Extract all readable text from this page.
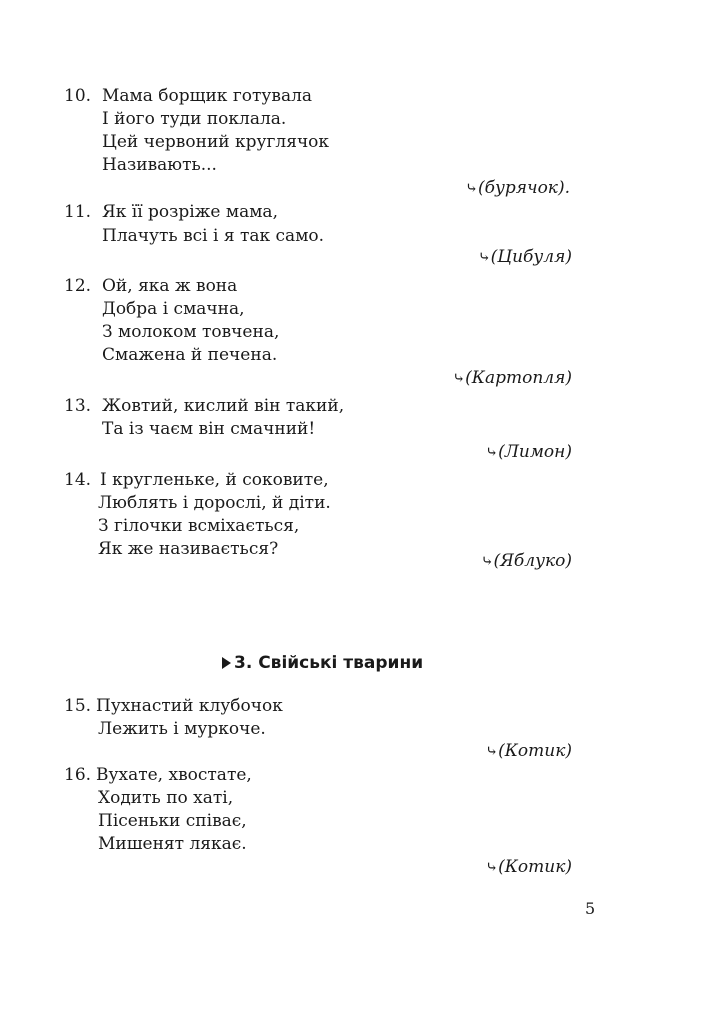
10. Мама борщик готувала
І його туди поклала.
Цей червоний круглячок
Називають...
⤷(бурячок).
11. Як її розріже мама,
Плачуть всі і я так само.
⤷(Цибуля)
12. Ой, яка ж вона
Добра і смачна,
З молоком товчена,
Смажена й печена.
⤷(Картопля)
13. Жовтий, кислий він такий,
Та із чаєм він смачний!
⤷(Лимон)
14. І кругленьке, й соковите,
Люблять і дорослі, й діти.
З гілочки всміхається,
Як же називається?
⤷(Яблуко)
3. Свійські тварини
15. Пухнастий клубочок
Лежить і муркоче.
⤷(Котик)
16. Вухате, хвостате,
Ходить по хаті,
Пісеньки співає,
Мишенят лякає.
⤷(Котик)
5
